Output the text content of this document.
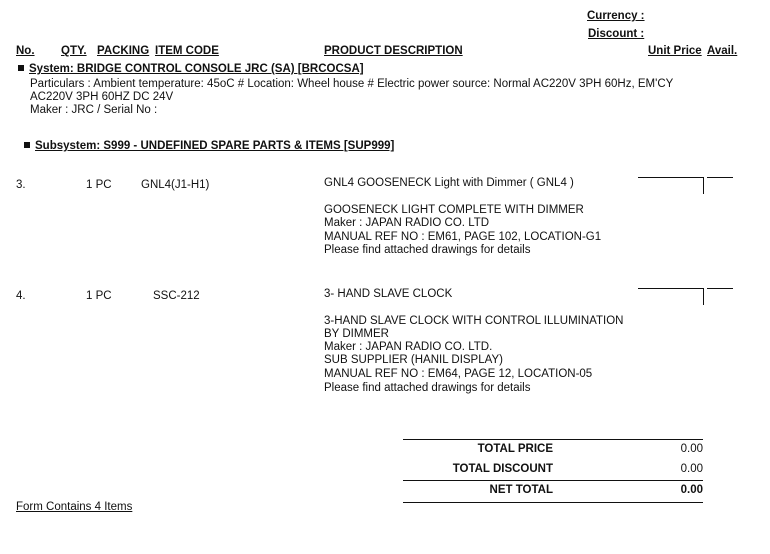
Currency :
Discount :
No. QTY. PACKING ITEM CODE	PRODUCT DESCRIPTION	Unit Price Avail.
System: BRIDGE CONTROL CONSOLE JRC (SA) [BRCOCSA]
Particulars : Ambient temperature: 45oC # Location: Wheel house # Electric power source: Normal AC220V 3PH 60Hz, EM'CY
AC220V 3PH 60HZ DC 24V
Maker : JRC / Serial No :
Subsystem: S999 - UNDEFINED SPARE PARTS & ITEMS [SUP999]
3.	1 PC	GNL4(J1-H1)	GNL4 GOOSENECK Light with Dimmer ( GNL4 )
GOOSENECK LIGHT COMPLETE WITH DIMMER
Maker : JAPAN RADIO CO. LTD
MANUAL REF NO : EM61, PAGE 102, LOCATION-G1
Please find attached drawings for details
4.	1 PC	SSC-212	3- HAND SLAVE CLOCK
3-HAND SLAVE CLOCK WITH CONTROL ILLUMINATION
BY DIMMER
Maker : JAPAN RADIO CO. LTD.
SUB SUPPLIER (HANIL DISPLAY)
MANUAL REF NO : EM64, PAGE 12, LOCATION-05
Please find attached drawings for details
TOTAL PRICE	0.00
TOTAL DISCOUNT	0.00
NET TOTAL	0.00
Form Contains 4 Items
